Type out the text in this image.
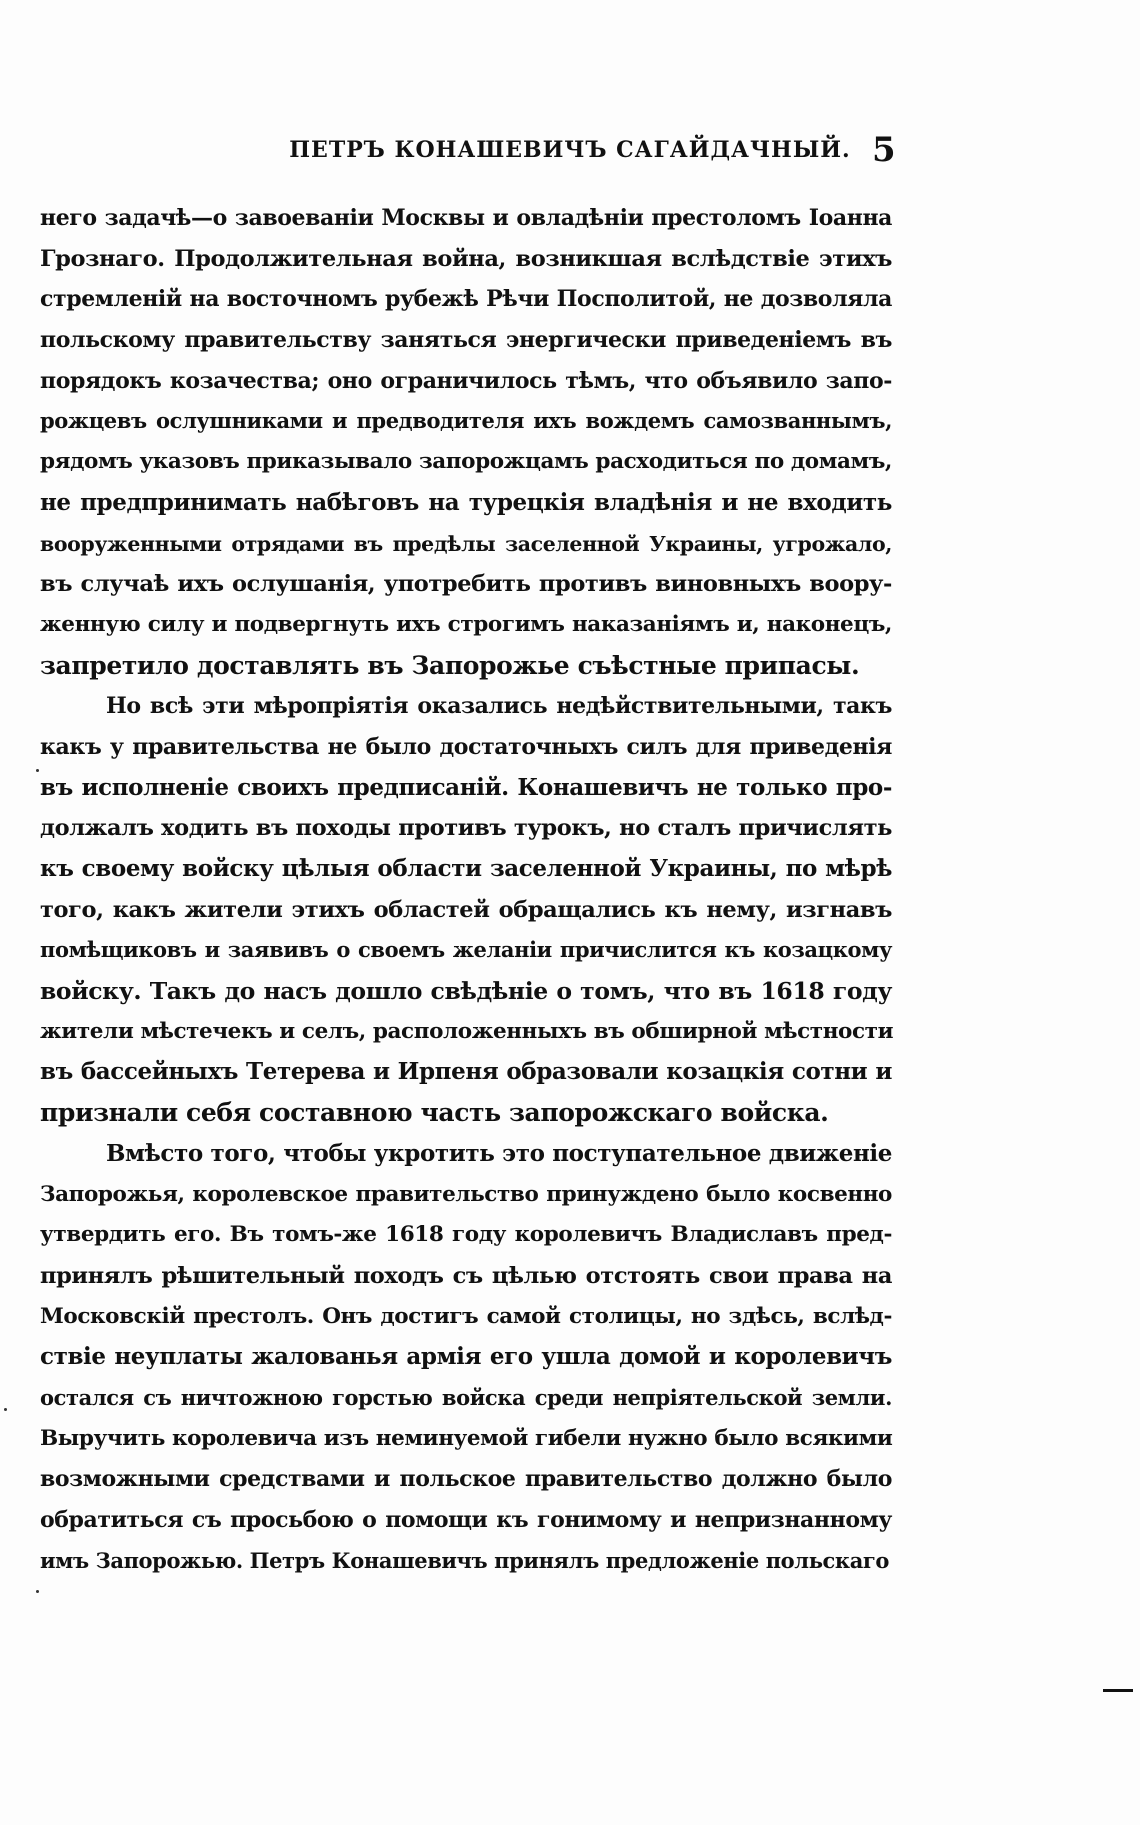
ПЕТРЪ КОНАШЕВИЧЪ САГАЙДАЧНЫЙ. 5
него задачѣ—о завоеваніи Москвы и овладѣніи престоломъ Іоанна
Грознаго. Продолжительная война, возникшая вслѣдствіе этихъ
стремленій на восточномъ рубежѣ Рѣчи Посполитой, не дозволяла
польскому правительству заняться энергически приведеніемъ въ
порядокъ козачества; оно ограничилось тѣмъ, что объявило запо-
рожцевъ ослушниками и предводителя ихъ вождемъ самозваннымъ,
рядомъ указовъ приказывало запорожцамъ расходиться по домамъ,
не предпринимать набѣговъ на турецкія владѣнія и не входить
вооруженными отрядами въ предѣлы заселенной Украины, угрожало,
въ случаѣ ихъ ослушанія, употребить противъ виновныхъ воору-
женную силу и подвергнуть ихъ строгимъ наказаніямъ и, наконецъ,
запретило доставлять въ Запорожье съѣстные припасы.
Но всѣ эти мѣропріятія оказались недѣйствительными, такъ
какъ у правительства не было достаточныхъ силъ для приведенія
въ исполненіе своихъ предписаній. Конашевичъ не только про-
должалъ ходить въ походы противъ турокъ, но сталъ причислять
къ своему войску цѣлыя области заселенной Украины, по мѣрѣ
того, какъ жители этихъ областей обращались къ нему, изгнавъ
помѣщиковъ и заявивъ о своемъ желаніи причислится къ козацкому
войску. Такъ до насъ дошло свѣдѣніе о томъ, что въ 1618 году
жители мѣстечекъ и селъ, расположенныхъ въ обширной мѣстности
въ бассейныхъ Тетерева и Ирпеня образовали козацкія сотни и
признали себя составною часть запорожскаго войска.
Вмѣсто того, чтобы укротить это поступательное движеніе
Запорожья, королевское правительство принуждено было косвенно
утвердить его. Въ томъ-же 1618 году королевичъ Владиславъ пред-
принялъ рѣшительный походъ съ цѣлью отстоять свои права на
Московскій престолъ. Онъ достигъ самой столицы, но здѣсь, вслѣд-
ствіе неуплаты жалованья армія его ушла домой и королевичъ
остался съ ничтожною горстью войска среди непріятельской земли.
Выручить королевича изъ неминуемой гибели нужно было всякими
возможными средствами и польское правительство должно было
обратиться съ просьбою о помощи къ гонимому и непризнанному
имъ Запорожью. Петръ Конашевичъ принялъ предложеніе польскаго
